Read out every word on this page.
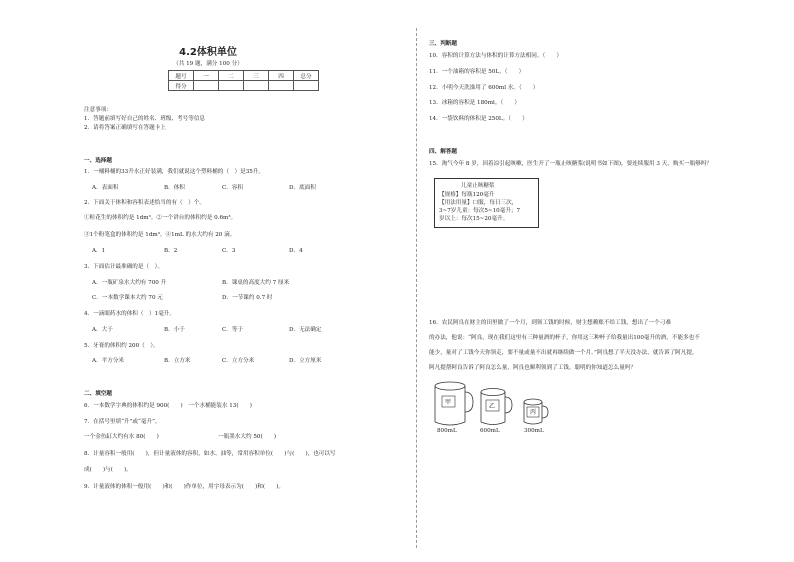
4.2体积单位
（共 19 题，满分 100 分）
题号	一	二	三	四	总分
得分					
注意事项：
1．答题前填写好自己的姓名、班级、考号等信息
2．请将答案正确填写在答题卡上
一、选择题
1．一桶料桶的33升水正好装满，我们就说这个塑料桶的（　）是35升。
A．表面积	B．体积	C．容积	D．底面积
2．下面关于体积和容积表述恰当的有（　）个。
①粒花生的体积约是 1dm³。②一个讲台的体积约是 0.6m³。
③1个粉笔盒的体积约是 1dm³。④1mL 的水大约有 20 滴。
A．1	B．2	C．3	D．4
3．下面估计最准确的是（　）。
A．一瓶矿泉水大约有 700 升	B．课桌的高度大约 7 厘米
C．一本数学课本大约 70 元	D．一节课约 0.7 时
4．一滴眼药水的体积（　）1毫升。
A．大于	B．小于	C．等于	D．无法确定
5．牙膏的体积约 200（　）。
A．平方分米	B．立方米	C．立方分米	D．立方厘米
二、填空题
6．一本数学字典的体积约是 900(　　)　一个水桶能装水 13(　　)
7．在括号里填“升”或“毫升”。
一个金鱼缸大约有水 80(　　)	一瓶墨水大约 50(　　)
8．计量容积一般用(　　)，但计量液体的容积，如水、油等，常用容积单位(　　)与(　　)，也可以写
成(　　)与(　　)。
9．计量液体的体积一般用(　　)和(　　)作单位，用字母表示为(　　)和(　　)。
三、判断题
10．容积的计算方法与体积的计算方法相同。（　　）
11．一个油箱的容积是 50L。（　　）
12．小明今天洗澡用了 600ml 水。（　　）
13．冰箱的容积是 180ml。（　　）
14．一袋饮料的体积是 250L。（　　）
四、解答题
15．淘气今年 8 岁，因着凉引起咳嗽，医生开了一瓶止咳糖浆(说明书如下图)，要连续服用 3 天，购买一瓶够吗？
儿童止咳糖浆
【规格】每瓶120毫升
【用法用量】口服，每日三次，
3~7岁儿童：每次5~10毫升；7
岁以上：每次15~20毫升。
16．农民阿良在财主的田里做了一个月，到领工钱的时候，财主想赖账不给工钱，想出了一个刁难
的办法，他说：“阿良，现在我们这里有三种量酒的杯子，你用这三种杯子给我量出100毫升的酒，不能多也不
能少，量对了工钱今天你领走，要不量或量不出就再继续做一个月。”阿良想了半天没办法，就告诉了阿凡提，
阿凡提帮阿良告诉了阿良怎么量，阿良也顺利领到了工钱。聪明的你知道怎么量吗？
甲
乙
丙
800mL	600mL	300mL
